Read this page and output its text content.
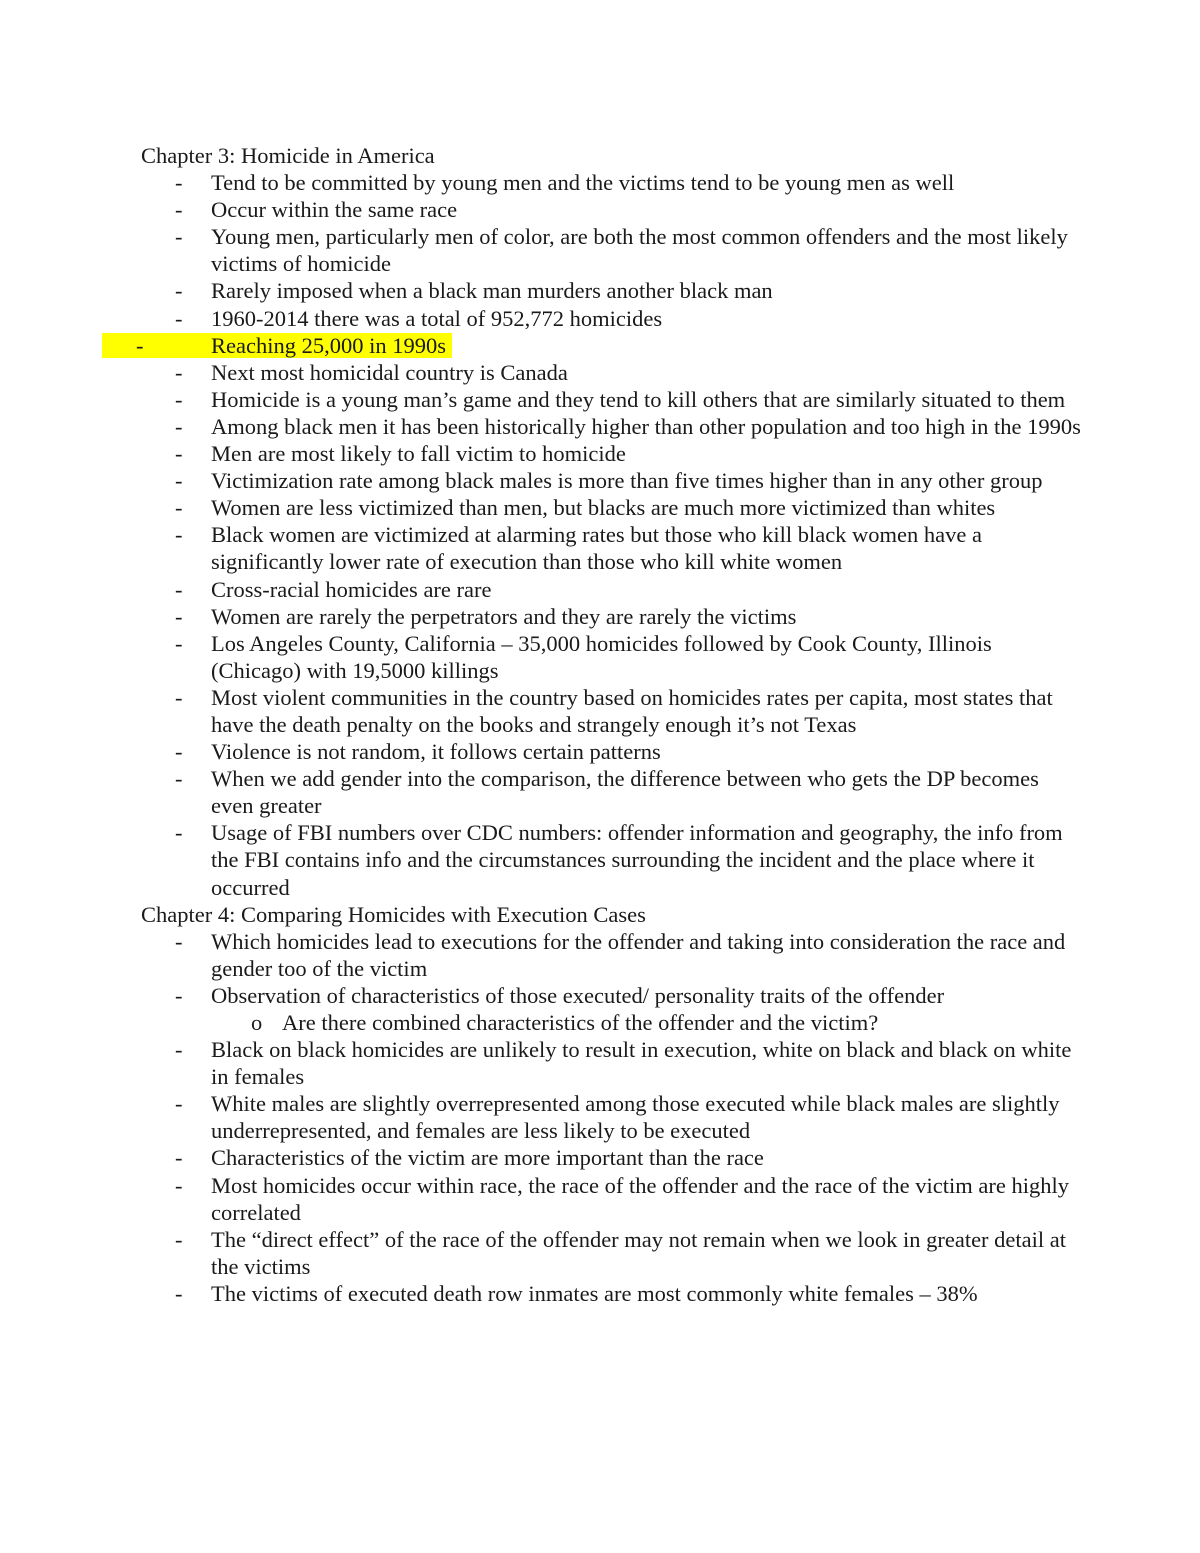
Chapter 3: Homicide in America
- Tend to be committed by young men and the victims tend to be young men as well
- Occur within the same race
- Young men, particularly men of color, are both the most common offenders and the most likely victims of homicide
- Rarely imposed when a black man murders another black man
- 1960-2014 there was a total of 952,772 homicides
-	Reaching 25,000 in 1990s
- Next most homicidal country is Canada
- Homicide is a young man’s game and they tend to kill others that are similarly situated to them
- Among black men it has been historically higher than other population and too high in the 1990s
- Men are most likely to fall victim to homicide
- Victimization rate among black males is more than five times higher than in any other group
- Women are less victimized than men, but blacks are much more victimized than whites
- Black women are victimized at alarming rates but those who kill black women have a significantly lower rate of execution than those who kill white women
- Cross-racial homicides are rare
- Women are rarely the perpetrators and they are rarely the victims
- Los Angeles County, California – 35,000 homicides followed by Cook County, Illinois (Chicago) with 19,5000 killings
- Most violent communities in the country based on homicides rates per capita, most states that have the death penalty on the books and strangely enough it’s not Texas
- Violence is not random, it follows certain patterns
- When we add gender into the comparison, the difference between who gets the DP becomes even greater
- Usage of FBI numbers over CDC numbers: offender information and geography, the info from the FBI contains info and the circumstances surrounding the incident and the place where it occurred
Chapter 4: Comparing Homicides with Execution Cases
- Which homicides lead to executions for the offender and taking into consideration the race and gender too of the victim
- Observation of characteristics of those executed/ personality traits of the offender
o Are there combined characteristics of the offender and the victim?
- Black on black homicides are unlikely to result in execution, white on black and black on white in females
- White males are slightly overrepresented among those executed while black males are slightly underrepresented, and females are less likely to be executed
- Characteristics of the victim are more important than the race
- Most homicides occur within race, the race of the offender and the race of the victim are highly correlated
- The “direct effect” of the race of the offender may not remain when we look in greater detail at the victims
- The victims of executed death row inmates are most commonly white females – 38%
